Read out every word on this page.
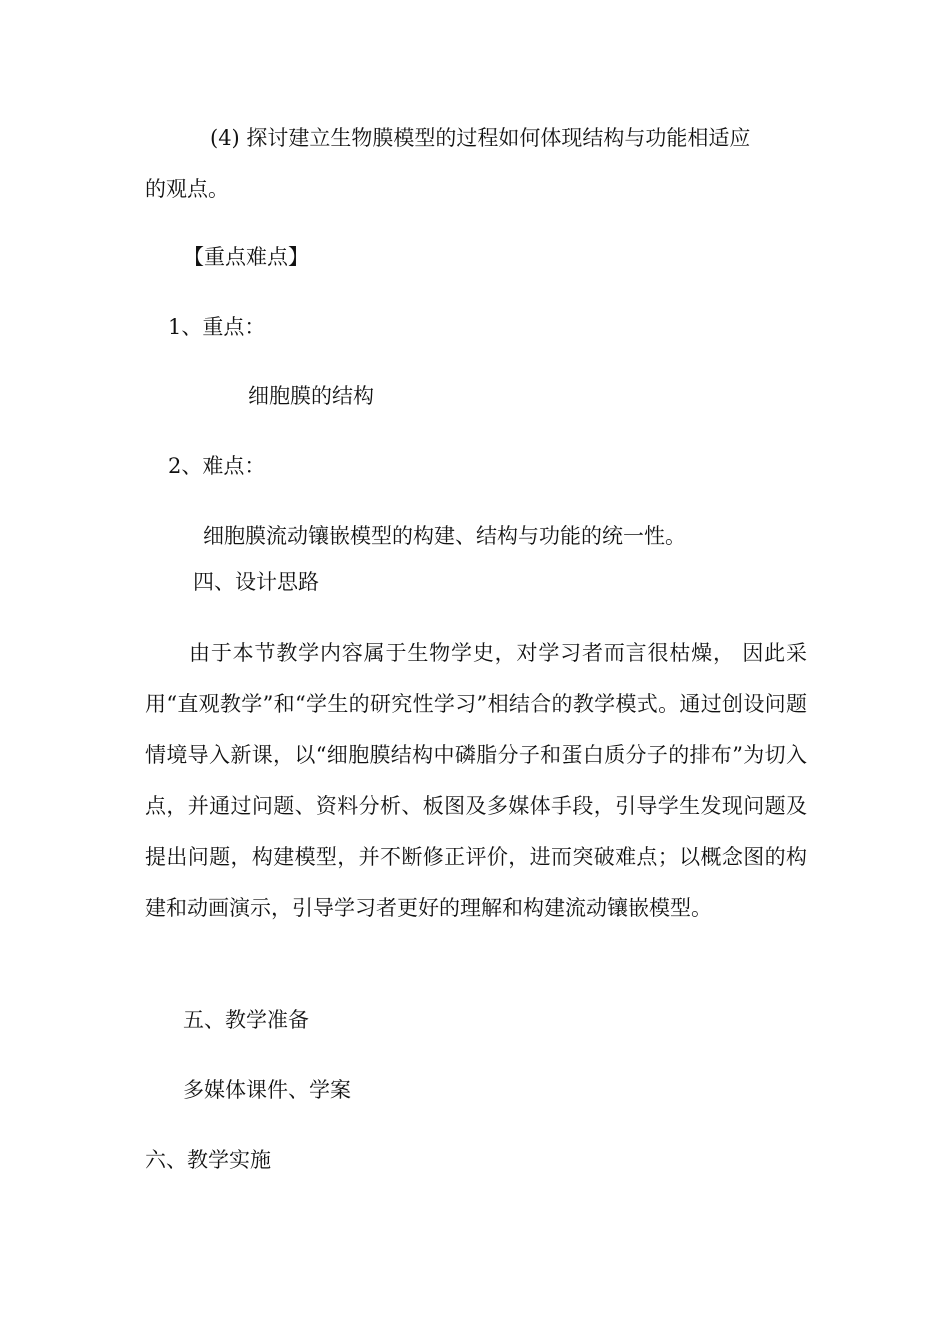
(4) 探讨建立生物膜模型的过程如何体现结构与功能相适应
的观点。
【重点难点】
1、重点：
细胞膜的结构
2、难点：
细胞膜流动镶嵌模型的构建、结构与功能的统一性。
四、设计思路
由于本节教学内容属于生物学史，对学习者而言很枯燥， 因此采用“直观教学”和“学生的研究性学习”相结合的教学模式。通过创设问题情境导入新课，以“细胞膜结构中磷脂分子和蛋白质分子的排布”为切入点，并通过问题、资料分析、板图及多媒体手段，引导学生发现问题及提出问题，构建模型，并不断修正评价，进而突破难点；以概念图的构建和动画演示，引导学习者更好的理解和构建流动镶嵌模型。
五、教学准备
多媒体课件、学案
六、教学实施
